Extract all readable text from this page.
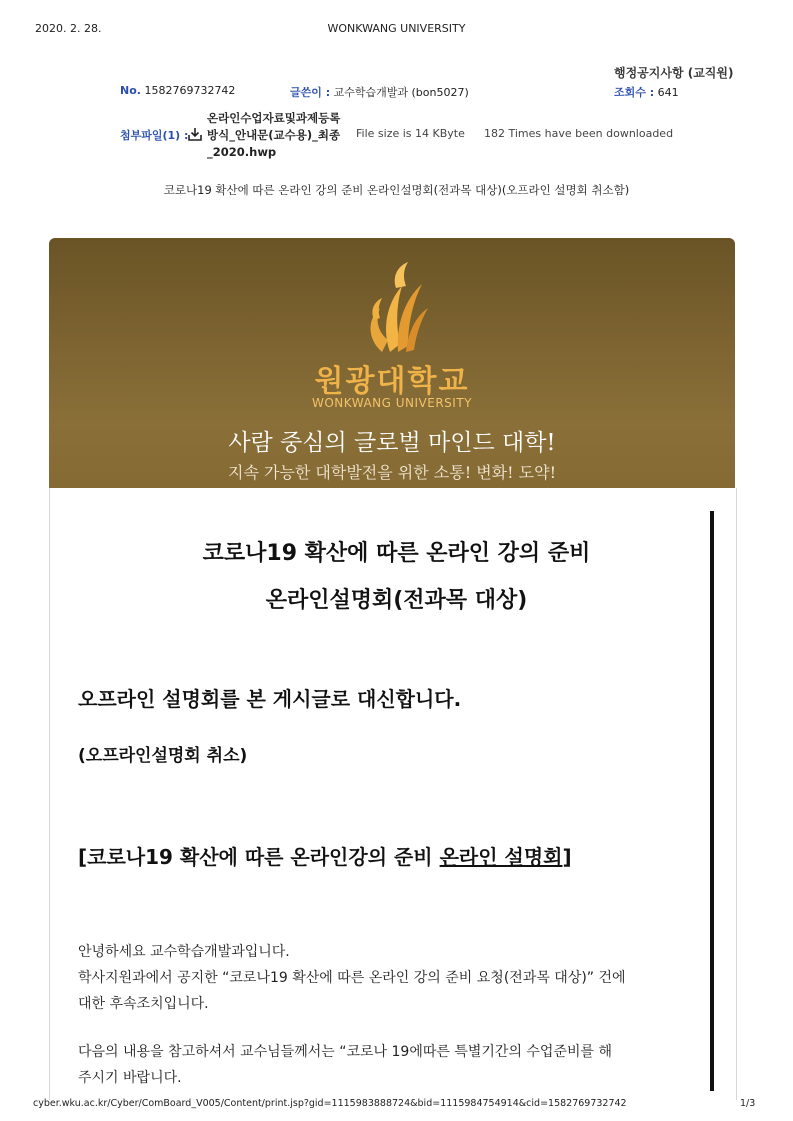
2020. 2. 28.	WONKWANG UNIVERSITY
행정공지사항 (교직원)
No. 1582769732742	글쓴이 : 교수학습개발과 (bon5027)	조회수 : 641
첨부파일(1) :
온라인수업자료및과제등록
방식_안내문(교수용)_최종
_2020.hwp
File size is 14 KByte 182 Times have been downloaded
코로나19 확산에 따른 온라인 강의 준비 온라인설명회(전과목 대상)(오프라인 설명회 취소함)
원광대학교
WONKWANG UNIVERSITY
사람 중심의 글로벌 마인드 대학!
지속 가능한 대학발전을 위한 소통! 변화! 도약!
코로나19 확산에 따른 온라인 강의 준비
온라인설명회(전과목 대상)
오프라인 설명회를 본 게시글로 대신합니다.
(오프라인설명회 취소)
[코로나19 확산에 따른 온라인강의 준비 온라인 설명회]
안녕하세요 교수학습개발과입니다.
학사지원과에서 공지한 “코로나19 확산에 따른 온라인 강의 준비 요청(전과목 대상)” 건에
대한 후속조치입니다.
다음의 내용을 참고하셔서 교수님들께서는 “코로나 19에따른 특별기간의 수업준비를 해
주시기 바랍니다.
cyber.wku.ac.kr/Cyber/ComBoard_V005/Content/print.jsp?gid=1115983888724&bid=1115984754914&cid=1582769732742	1/3
